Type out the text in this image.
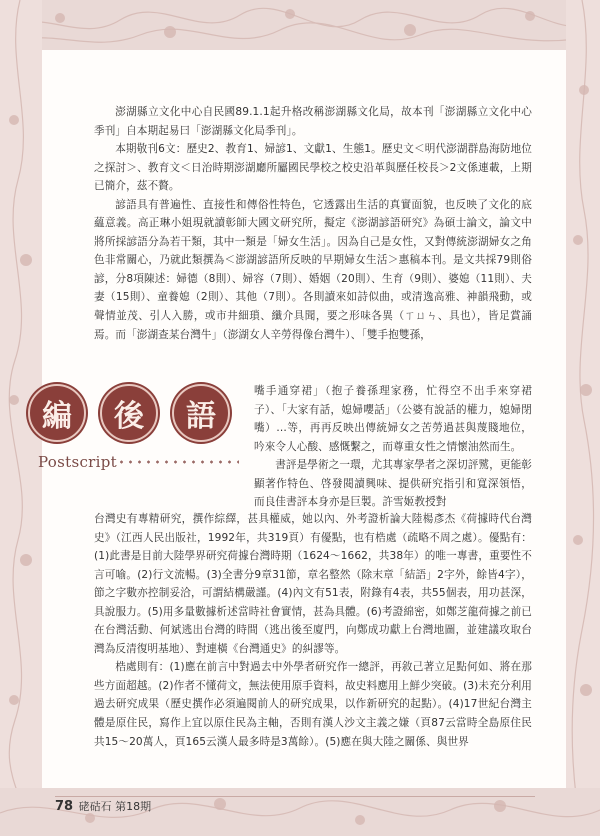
澎湖縣立文化中心自民國89.1.1起升格改稱澎湖縣文化局，故本刊「澎湖縣立文化中心季刊」自本期起易曰「澎湖縣文化局季刊」。

本期敬刊6文：歷史2、教育1、婦諺1、文獻1、生態1。歷史文＜明代澎湖群島海防地位之探討＞、教育文＜日治時期澎湖廳所屬國民學校之校史沿革與歷任校長＞2文係連載，上期已簡介，茲不贅。

諺語具有普遍性、直接性和傳俗性特色，它透露出生活的真實面貌，也反映了文化的底蘊意義。高正琳小姐現就讀彰師大國文研究所，擬定《澎湖諺語研究》為碩士論文，論文中將所採諺語分為若干類，其中一類是「婦女生活」。因為自己是女性，又對傳統澎湖婦女之角色非常關心，乃就此類撰為＜澎湖諺語所反映的早期婦女生活＞惠稿本刊。是文共採79則俗諺，分8項陳述：婦德（8則）、婦容（7則）、婚姻（20則）、生育（9則）、婆媳（11則）、夫妻（15則）、童養媳（2則）、其他（7則）。各則讀來如詩似曲，或清逸高雅、神韻飛動，或聲情並茂、引人入勝，或市井細瑣、纖介具聞，要之形味各異（ㄒㄩㄣ、具也），皆足賞誦焉。而「澎湖查某台灣牛」（澎湖女人辛勞得像台灣牛）、「雙手抱雙孫，

編	後	語
Postscript

嘴手通穿裙」（抱子養孫理家務，忙得空不出手來穿裙子）、「大家有話，媳婦嚶話」（公婆有說話的權力，媳婦閉嘴）…等，再再反映出傳統婦女之苦勞過甚與蔑賤地位，吟來令人心酸、感慨繫之，而尊重女性之情懷油然而生。

書評是學術之一環，尤其專家學者之深切評騭，更能彰顯著作特色、啓發閱讀興味、提供研究指引和寬深領悟，而良佳書評本身亦是巨製。許雪姬教授對

台灣史有專精研究，撰作綜繹，甚具權威，她以內、外考證析論大陸楊彥杰《荷據時代台灣史》（江西人民出版社，1992年，共319頁）有優點，也有梏處（疏略不周之處）。優點有：(1)此書是目前大陸學界研究荷據台灣時期（1624～1662，共38年）的唯一專書，重要性不言可喻。(2)行文流暢。(3)全書分9章31節，章名整然（除末章「結語」2字外，餘皆4字），節之字數亦控制妥洽，可謂結構嚴謹。(4)內文有51表，附錄有4表，共55個表，用功甚深，具說服力。(5)用多量數據析述當時社會實情，甚為具體。(6)考證綿密，如鄭芝龍荷據之前已在台灣活動、何斌逃出台灣的時間（逃出後至廈門，向鄭成功獻上台灣地圖，並建議攻取台灣為反清復明基地）、對連橫《台灣通史》的糾謬等。

梏處則有：(1)應在前言中對過去中外學者研究作一總評，再敘己著立足點何如、將在那些方面超越。(2)作者不懂荷文，無法使用原手資料，故史料應用上鮮少突破。(3)未充分利用過去研究成果（歷史撰作必須遍閱前人的研究成果，以作新研究的起點）。(4)17世紀台灣主體是原住民，寫作上宜以原住民為主軸，否則有漢人沙文主義之嫌（頁87云當時全島原住民共15～20萬人，頁165云漢人最多時是3萬餘）。(5)應在與大陸之關係、與世界

78 硓𥑮石 第18期
